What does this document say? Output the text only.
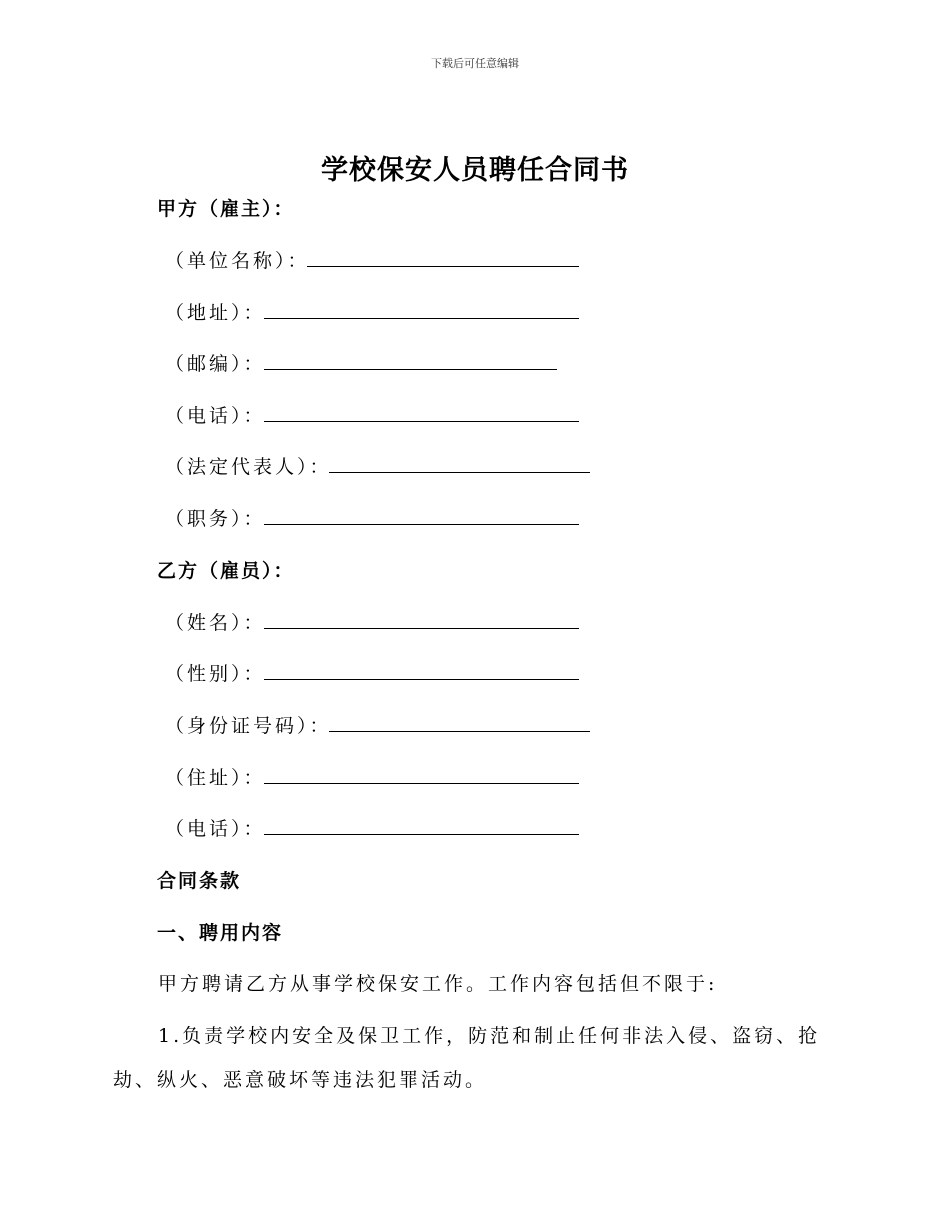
下载后可任意编辑
学校保安人员聘任合同书
甲方（雇主）：
（单位名称）：
（地址）：
（邮编）：
（电话）：
（法定代表人）：
（职务）：
乙方（雇员）：
（姓名）：
（性别）：
（身份证号码）：
（住址）：
（电话）：
合同条款
一、聘用内容
甲方聘请乙方从事学校保安工作。工作内容包括但不限于:
1.负责学校内安全及保卫工作，防范和制止任何非法入侵、盗窃、抢
劫、纵火、恶意破坏等违法犯罪活动。
